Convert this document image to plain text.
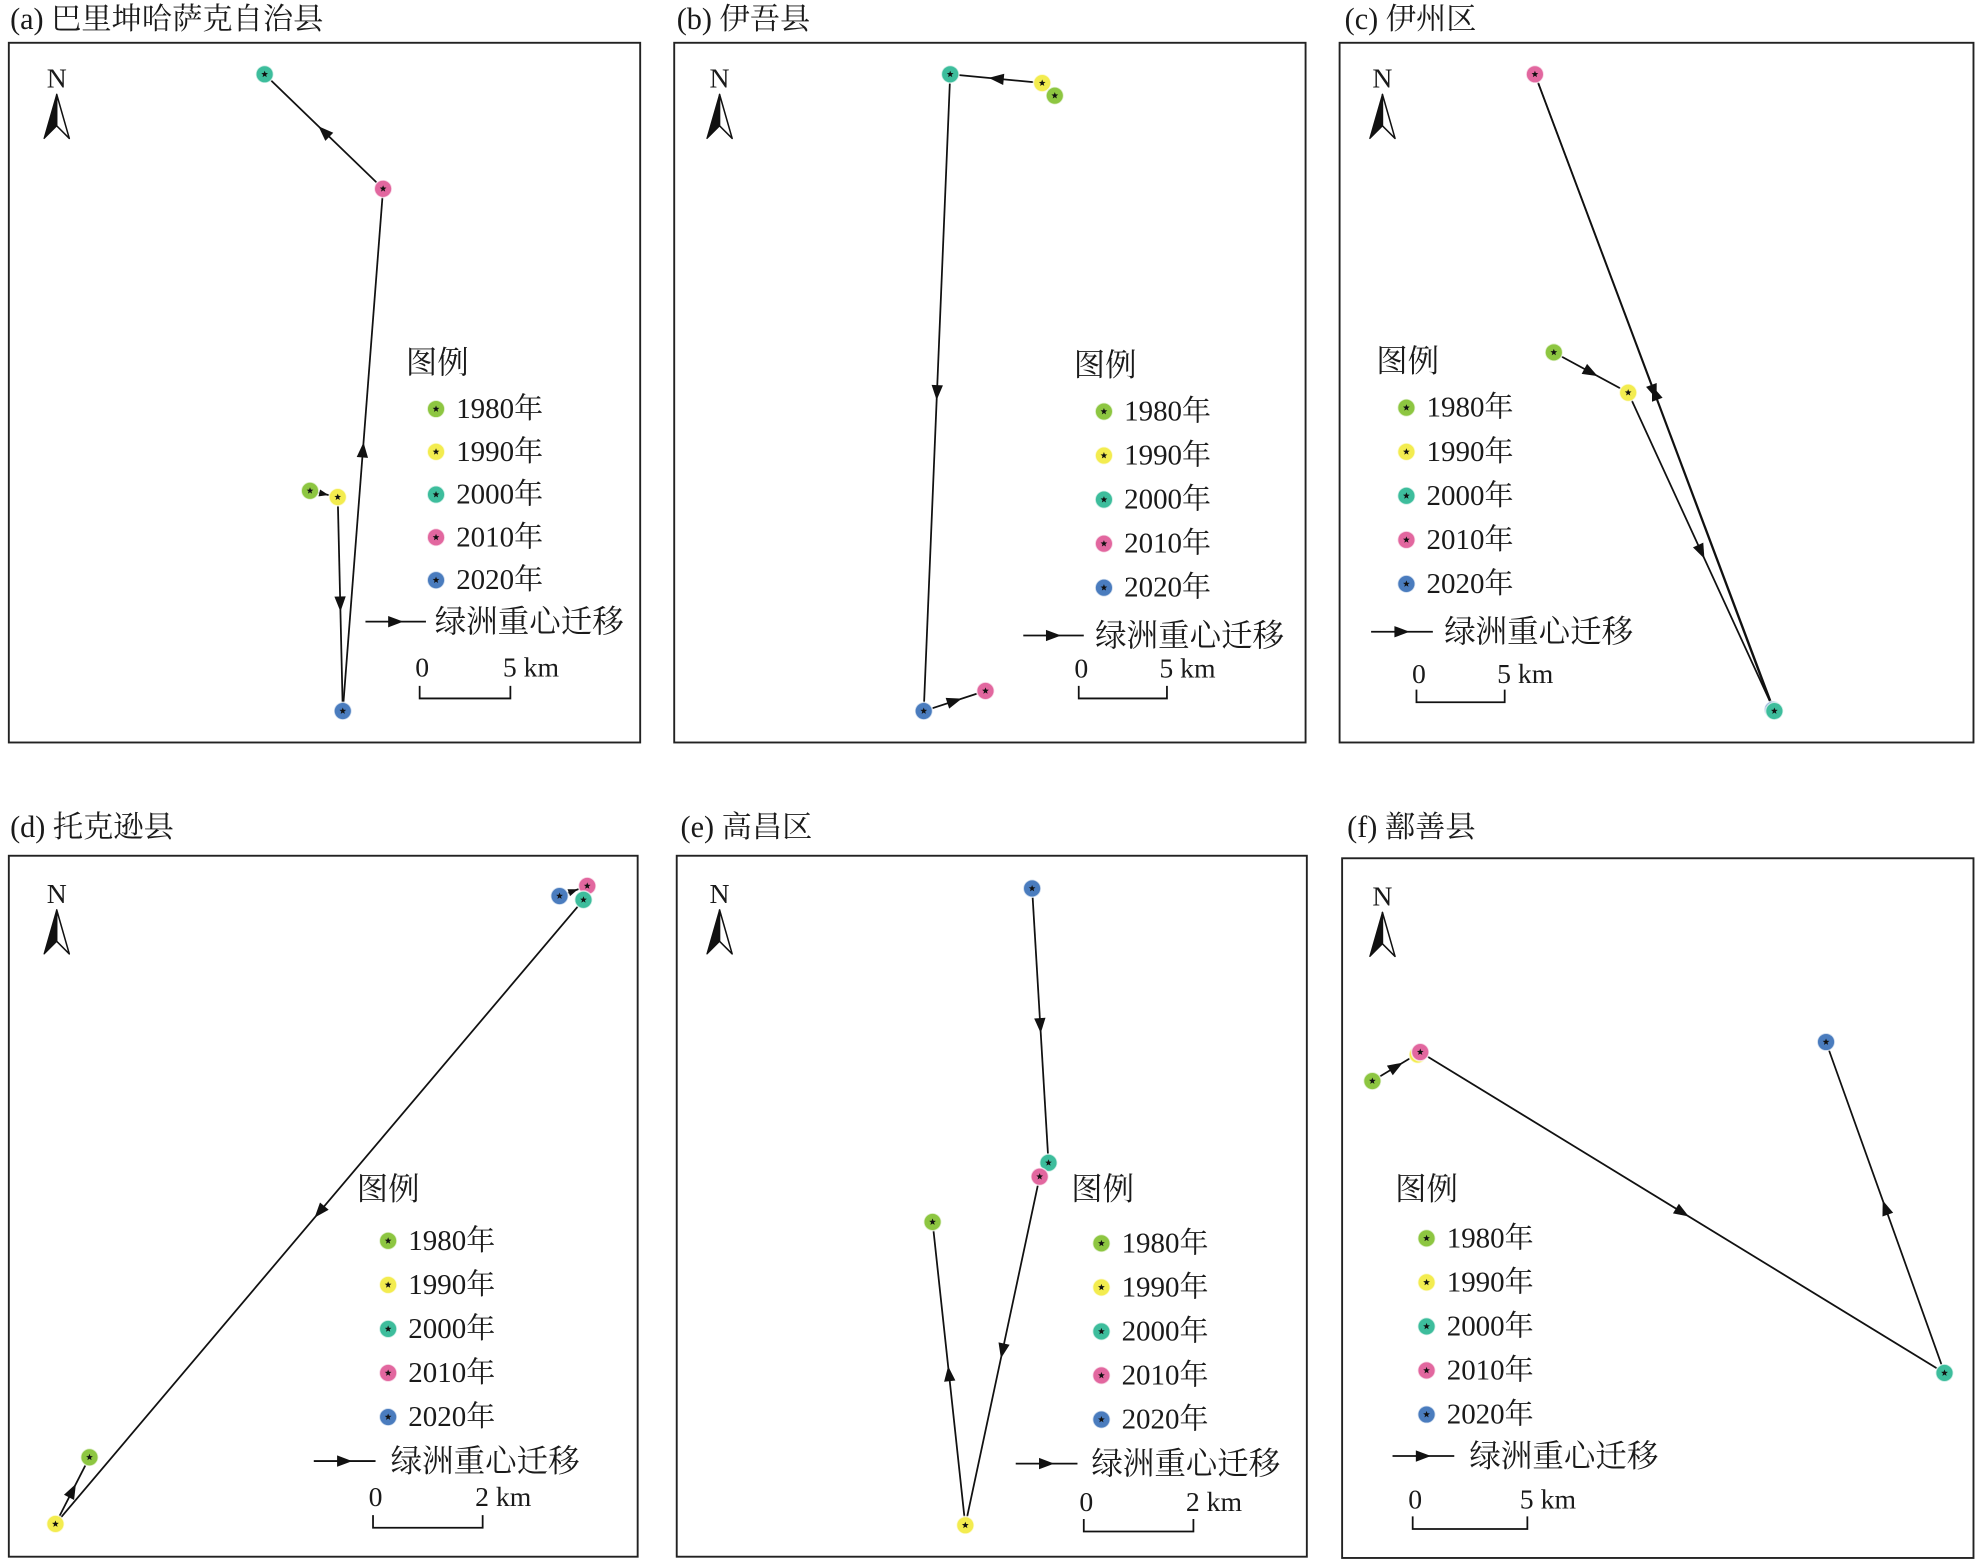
(a) 巴里坤哈萨克自治县
N
图例
1980年
1990年
2000年
2010年
2020年
绿洲重心迁移
0	5 km
(b) 伊吾县
N
图例
1980年
1990年
2000年
2010年
2020年
绿洲重心迁移
0	5 km
(c) 伊州区
N
图例
1980年
1990年
2000年
2010年
2020年
绿洲重心迁移
0	5 km
(d) 托克逊县
N
图例
1980年
1990年
2000年
2010年
2020年
绿洲重心迁移
0	2 km
(e) 高昌区
N
图例
1980年
1990年
2000年
2010年
2020年
绿洲重心迁移
0	2 km
(f) 鄯善县
N
图例
1980年
1990年
2000年
2010年
2020年
绿洲重心迁移
0	5 km
